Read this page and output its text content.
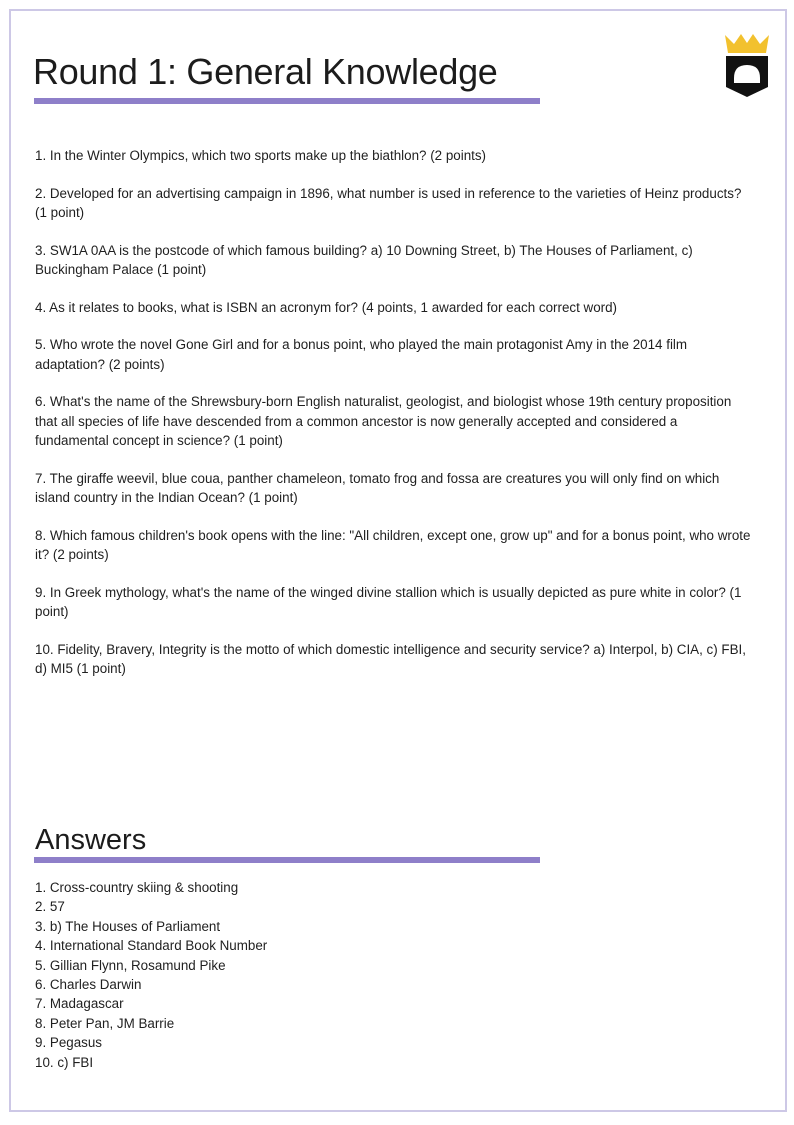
Round 1: General Knowledge
1. In the Winter Olympics, which two sports make up the biathlon? (2 points)
2. Developed for an advertising campaign in 1896, what number is used in reference to the varieties of Heinz products? (1 point)
3. SW1A 0AA is the postcode of which famous building? a) 10 Downing Street, b) The Houses of Parliament, c) Buckingham Palace (1 point)
4. As it relates to books, what is ISBN an acronym for? (4 points, 1 awarded for each correct word)
5. Who wrote the novel Gone Girl and for a bonus point, who played the main protagonist Amy in the 2014 film adaptation? (2 points)
6. What's the name of the Shrewsbury-born English naturalist, geologist, and biologist whose 19th century proposition that all species of life have descended from a common ancestor is now generally accepted and considered a fundamental concept in science? (1 point)
7. The giraffe weevil, blue coua, panther chameleon, tomato frog and fossa are creatures you will only find on which island country in the Indian Ocean? (1 point)
8. Which famous children's book opens with the line: "All children, except one, grow up" and for a bonus point, who wrote it? (2 points)
9. In Greek mythology, what's the name of the winged divine stallion which is usually depicted as pure white in color? (1 point)
10. Fidelity, Bravery, Integrity is the motto of which domestic intelligence and security service? a) Interpol, b) CIA, c) FBI, d) MI5 (1 point)
Answers
1. Cross-country skiing & shooting
2. 57
3. b) The Houses of Parliament
4. International Standard Book Number
5. Gillian Flynn, Rosamund Pike
6. Charles Darwin
7. Madagascar
8. Peter Pan, JM Barrie
9. Pegasus
10. c) FBI
